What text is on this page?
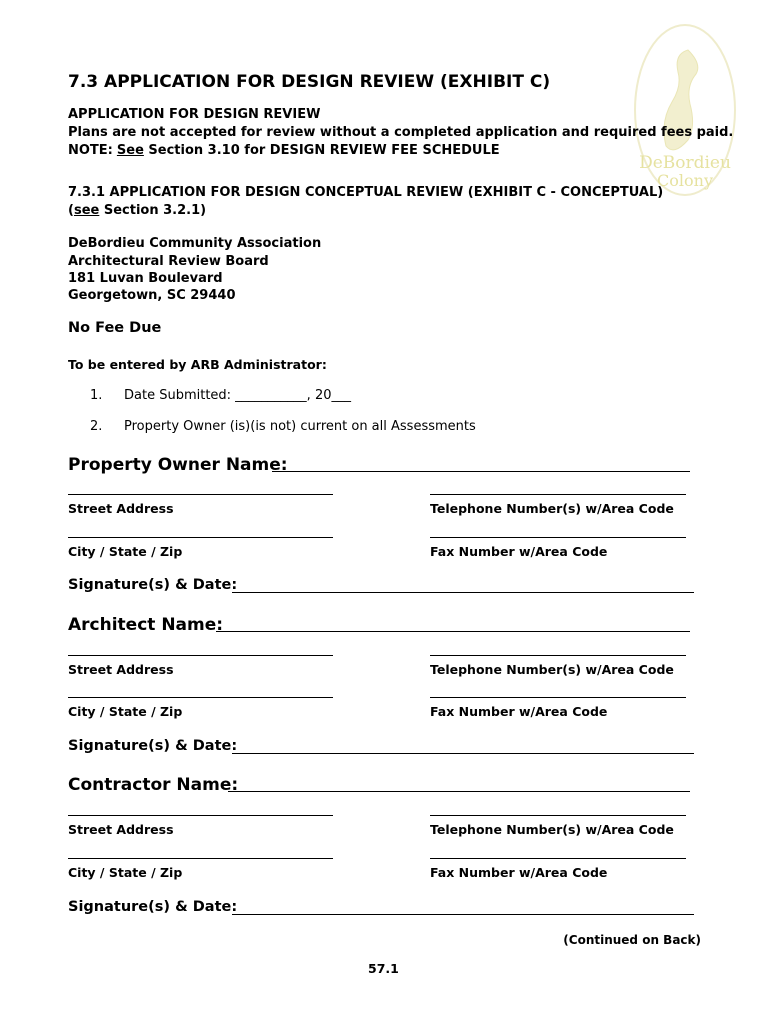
DeBordieu
Colony
7.3 APPLICATION FOR DESIGN REVIEW (EXHIBIT C)
APPLICATION FOR DESIGN REVIEW
Plans are not accepted for review without a completed application and required fees paid.
NOTE: See Section 3.10 for DESIGN REVIEW FEE SCHEDULE
7.3.1 APPLICATION FOR DESIGN CONCEPTUAL REVIEW (EXHIBIT C - CONCEPTUAL)
(see Section 3.2.1)
DeBordieu Community Association
Architectural Review Board
181 Luvan Boulevard
Georgetown, SC 29440
No Fee Due
To be entered by ARB Administrator:
1. Date Submitted: ___________, 20___
2. Property Owner (is)(is not) current on all Assessments
Property Owner Name:
Street Address	Telephone Number(s) w/Area Code
City / State / Zip	Fax Number w/Area Code
Signature(s) & Date:
Architect Name:
Street Address	Telephone Number(s) w/Area Code
City / State / Zip	Fax Number w/Area Code
Signature(s) & Date:
Contractor Name:
Street Address	Telephone Number(s) w/Area Code
City / State / Zip	Fax Number w/Area Code
Signature(s) & Date:
(Continued on Back)
57.1
